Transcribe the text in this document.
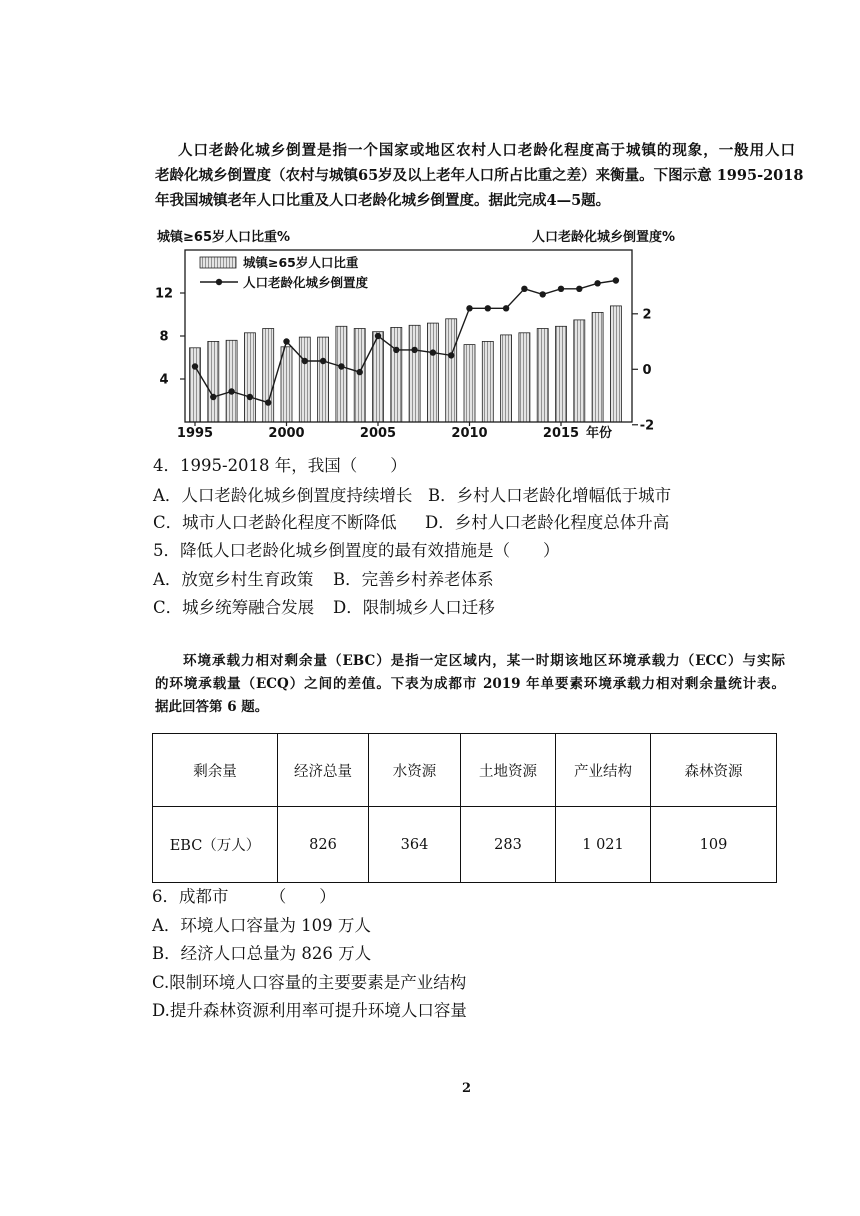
人口老龄化城乡倒置是指一个国家或地区农村人口老龄化程度高于城镇的现象，一般用人口
老龄化城乡倒置度（农村与城镇65岁及以上老年人口所占比重之差）来衡量。下图示意 1995-2018
年我国城镇老年人口比重及人口老龄化城乡倒置度。据此完成4—5题。
城镇≥65岁人口比重%	人口老龄化城乡倒置度%
4
8
12
2
0
-2
1995	2000	2005	2010	2015
城镇≥65岁人口比重
人口老龄化城乡倒置度
年份
4．1995-2018 年，我国（　　）
A．人口老龄化城乡倒置度持续增长 B．乡村人口老龄化增幅低于城市
C．城市人口老龄化程度不断降低 D．乡村人口老龄化程度总体升高
5．降低人口老龄化城乡倒置度的最有效措施是（　　）
A．放宽乡村生育政策 B．完善乡村养老体系
C．城乡统筹融合发展 D．限制城乡人口迁移
环境承载力相对剩余量（EBC）是指一定区域内，某一时期该地区环境承载力（ECC）与实际
的环境承载量（ECQ）之间的差值。下表为成都市 2019 年单要素环境承载力相对剩余量统计表。
据此回答第 6 题。
剩余量	经济总量	水资源	土地资源	产业结构	森林资源
EBC（万人）	826	364	283	1 021	109
6．成都市　　　（　　）
A．环境人口容量为 109 万人
B．经济人口总量为 826 万人
C.限制环境人口容量的主要要素是产业结构
D.提升森林资源利用率可提升环境人口容量
2
